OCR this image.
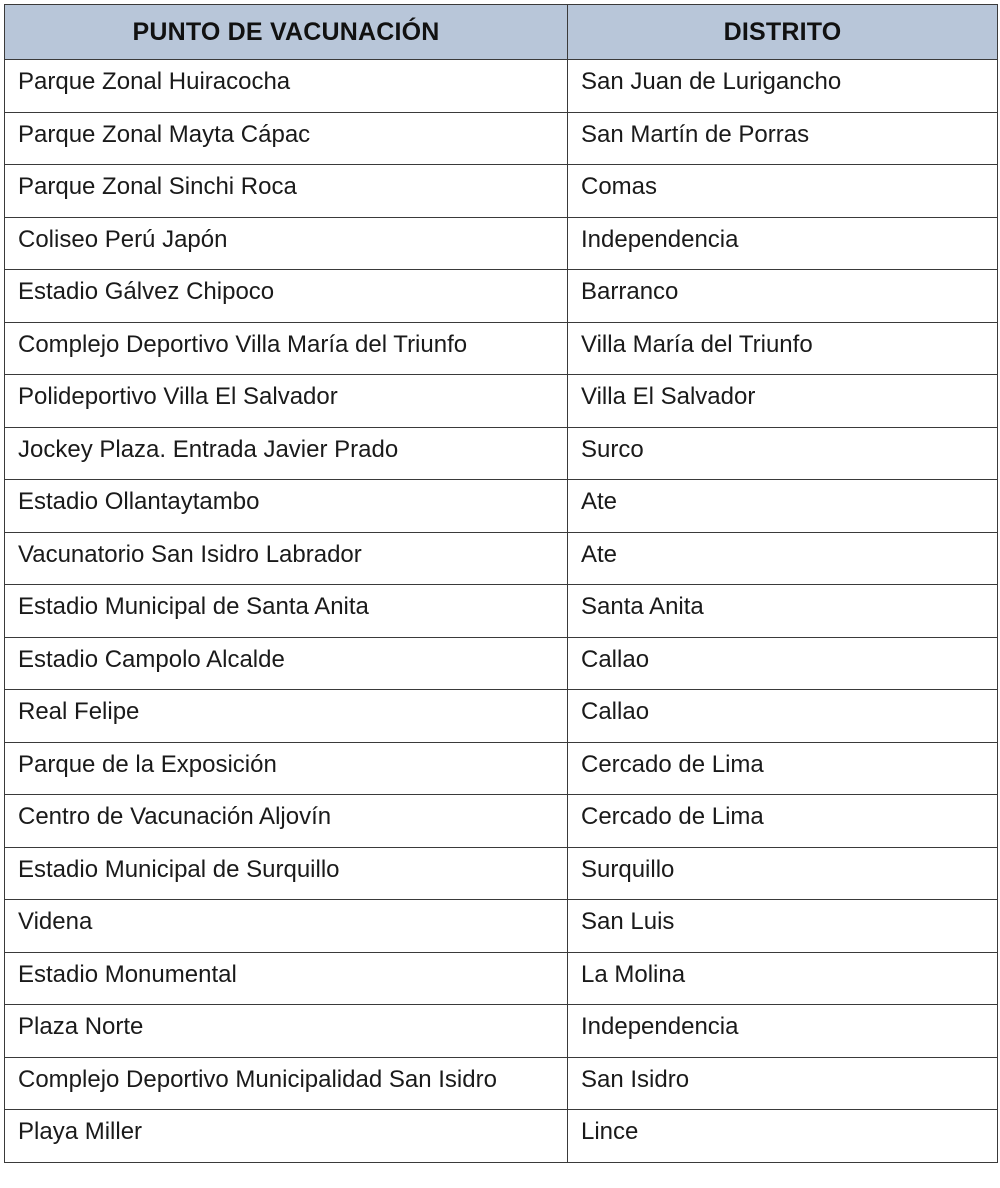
PUNTO DE VACUNACIÓN	DISTRITO
Parque Zonal Huiracocha	San Juan de Lurigancho
Parque Zonal Mayta Cápac	San Martín de Porras
Parque Zonal Sinchi Roca	Comas
Coliseo Perú Japón	Independencia
Estadio Gálvez Chipoco	Barranco
Complejo Deportivo Villa María del Triunfo	Villa María del Triunfo
Polideportivo Villa El Salvador	Villa El Salvador
Jockey Plaza. Entrada Javier Prado	Surco
Estadio Ollantaytambo	Ate
Vacunatorio San Isidro Labrador	Ate
Estadio Municipal de Santa Anita	Santa Anita
Estadio Campolo Alcalde	Callao
Real Felipe	Callao
Parque de la Exposición	Cercado de Lima
Centro de Vacunación Aljovín	Cercado de Lima
Estadio Municipal de Surquillo	Surquillo
Videna	San Luis
Estadio Monumental	La Molina
Plaza Norte	Independencia
Complejo Deportivo Municipalidad San Isidro	San Isidro
Playa Miller	Lince
